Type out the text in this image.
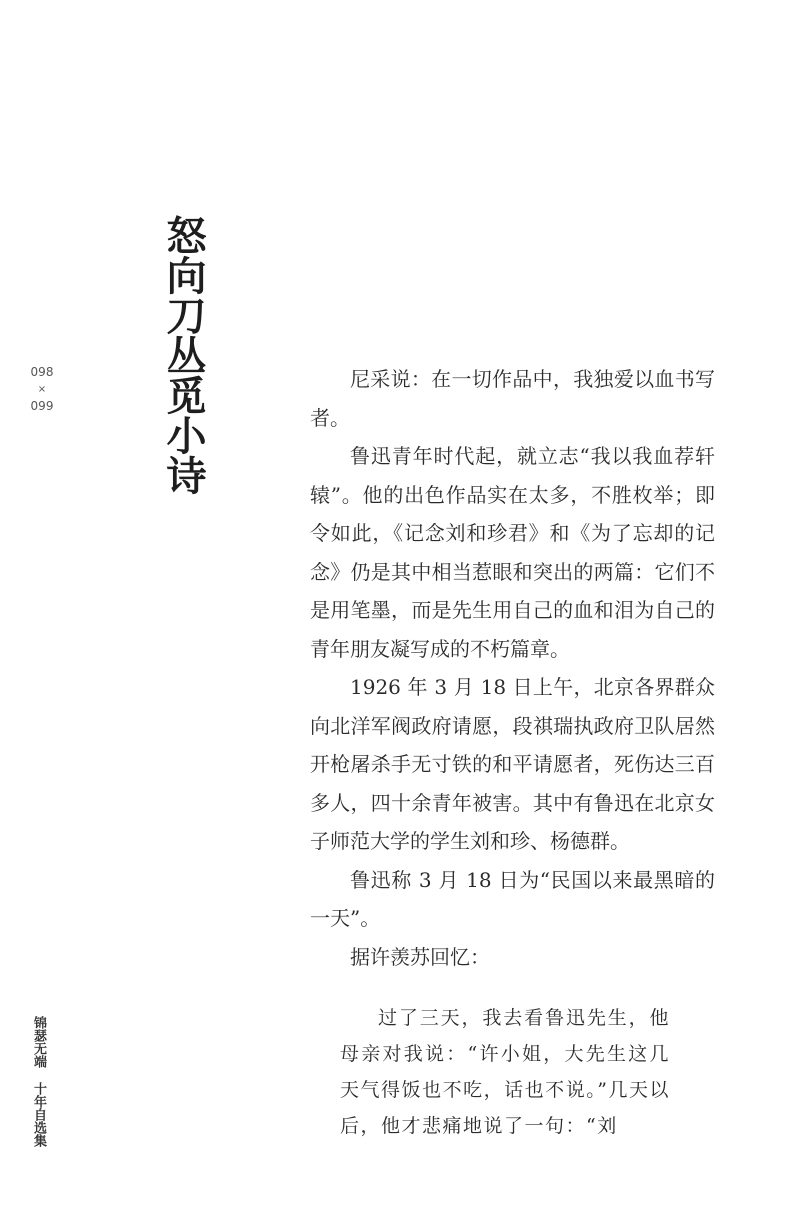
怒向刀丛觅小诗
098
×
099

尼采说：在一切作品中，我独爱以血书写者。

鲁迅青年时代起，就立志“我以我血荐轩辕”。他的出色作品实在太多，不胜枚举；即令如此，《记念刘和珍君》和《为了忘却的记念》仍是其中相当惹眼和突出的两篇：它们不是用笔墨，而是先生用自己的血和泪为自己的青年朋友凝写成的不朽篇章。

1926 年 3 月 18 日上午，北京各界群众向北洋军阀政府请愿，段祺瑞执政府卫队居然开枪屠杀手无寸铁的和平请愿者，死伤达三百多人，四十余青年被害。其中有鲁迅在北京女子师范大学的学生刘和珍、杨德群。

鲁迅称 3 月 18 日为“民国以来最黑暗的一天”。

据许羡苏回忆：

过了三天，我去看鲁迅先生，他母亲对我说：“许小姐，大先生这几天气得饭也不吃，话也不说。”几天以后，他才悲痛地说了一句：“刘

锦瑟无端
十年自选集
